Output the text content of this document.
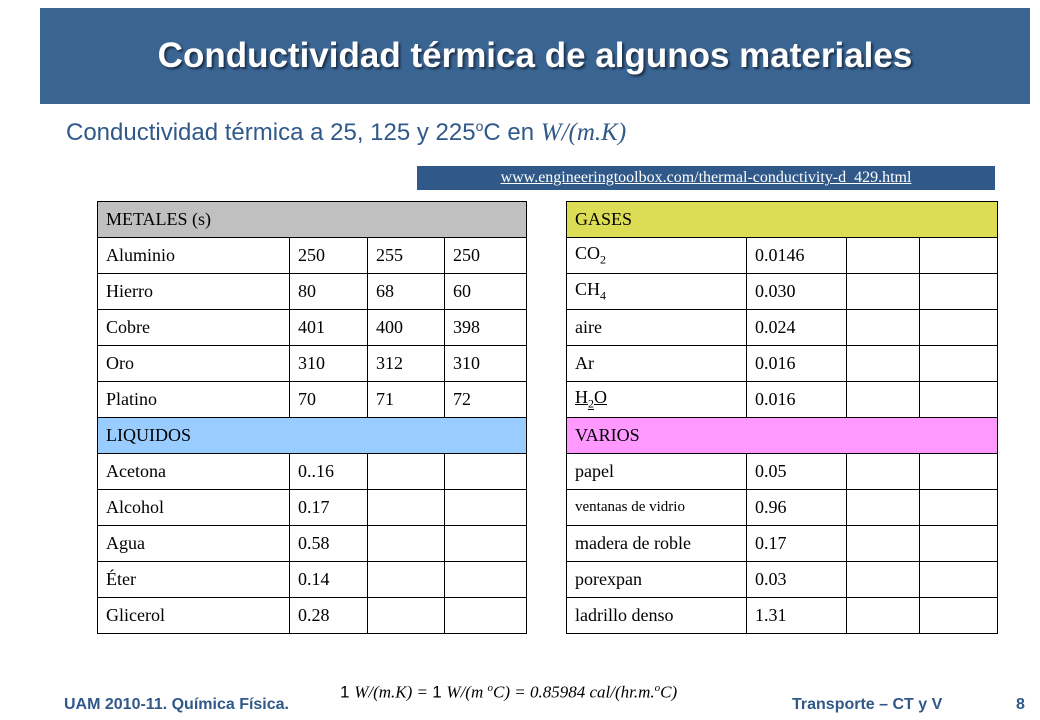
Conductividad térmica de algunos materiales
Conductividad térmica a 25, 125 y 225$^o$C en W/(m.K)
www.engineeringtoolbox.com/thermal-conductivity-d_429.html
METALES (s)			
Aluminio	250	255	250
Hierro	80	68	60
Cobre	401	400	398
Oro	310	312	310
Platino	70	71	72
LIQUIDOS			
Acetona	0..16		
Alcohol	0.17		
Agua	0.58		
Éter	0.14		
Glicerol	0.28		
GASES			
$CO_2$	0.0146		
$CH_4$	0.030		
aire	0.024		
Ar	0.016		
$H_2O$	0.016		
VARIOS			
papel	0.05		
ventanas de vidrio	0.96		
madera de roble	0.17		
porexpan	0.03		
ladrillo denso	1.31		
1 W/(m.K) = 1 W/(m $^o$C) = 0.85984 cal/(hr.m.$^o$C)
UAM 2010-11. Química Física.	Transporte – CT y V	8
